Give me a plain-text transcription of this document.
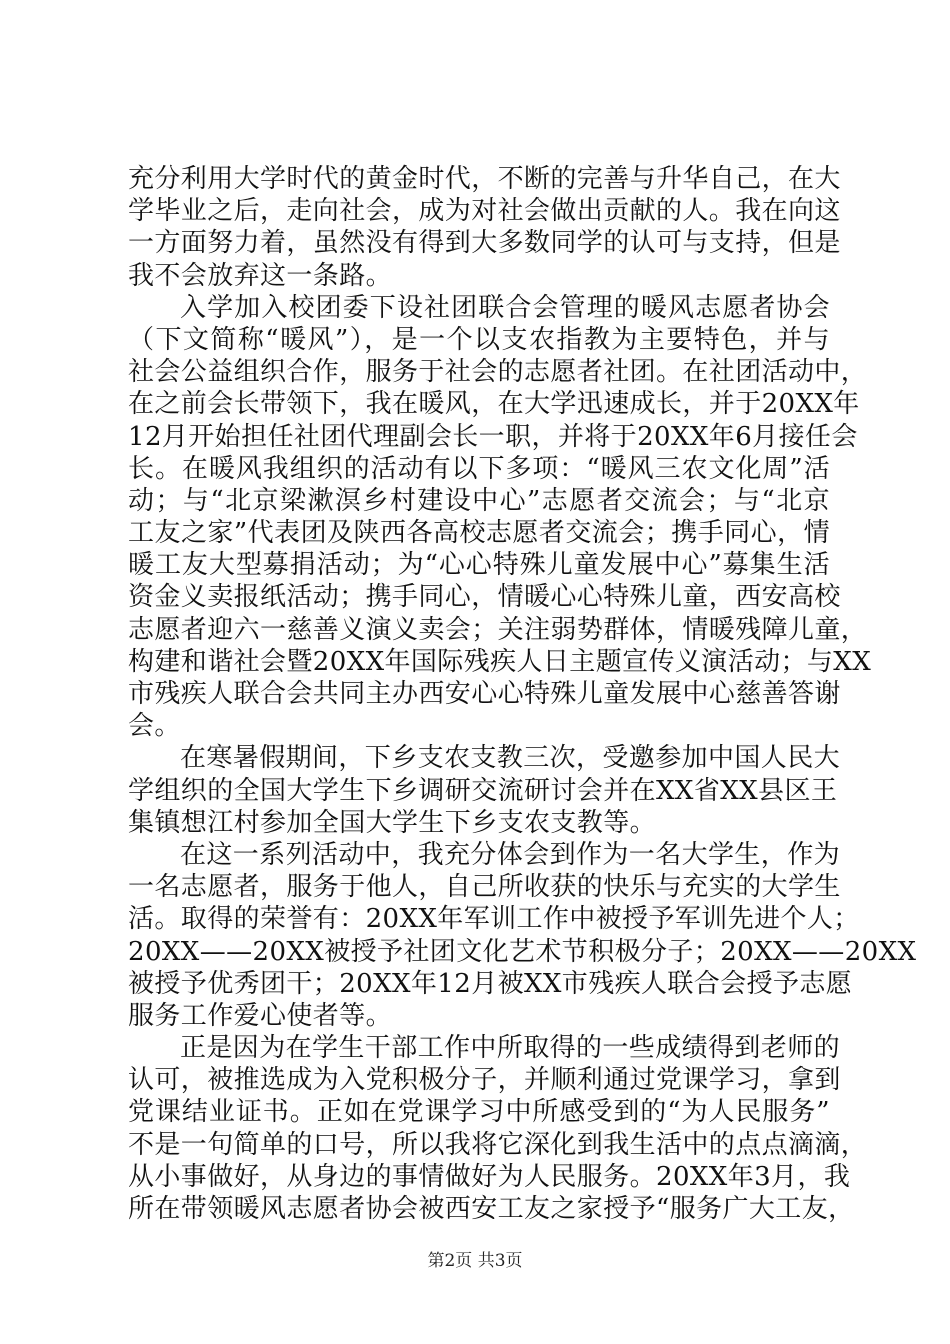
充分利用大学时代的黄金时代，不断的完善与升华自己，在大
学毕业之后，走向社会，成为对社会做出贡献的人。我在向这
一方面努力着，虽然没有得到大多数同学的认可与支持，但是
我不会放弃这一条路。
入学加入校团委下设社团联合会管理的暖风志愿者协会
（下文简称“暖风”），是一个以支农指教为主要特色，并与
社会公益组织合作，服务于社会的志愿者社团。在社团活动中，
在之前会长带领下，我在暖风，在大学迅速成长，并于20XX年
12月开始担任社团代理副会长一职，并将于20XX年6月接任会
长。在暖风我组织的活动有以下多项：“暖风三农文化周”活
动；与“北京梁漱溟乡村建设中心”志愿者交流会；与“北京
工友之家”代表团及陕西各高校志愿者交流会；携手同心，情
暖工友大型募捐活动；为“心心特殊儿童发展中心”募集生活
资金义卖报纸活动；携手同心，情暖心心特殊儿童，西安高校
志愿者迎六一慈善义演义卖会；关注弱势群体，情暖残障儿童，
构建和谐社会暨20XX年国际残疾人日主题宣传义演活动；与XX
市残疾人联合会共同主办西安心心特殊儿童发展中心慈善答谢
会。
在寒暑假期间，下乡支农支教三次，受邀参加中国人民大
学组织的全国大学生下乡调研交流研讨会并在XX省XX县区王
集镇想江村参加全国大学生下乡支农支教等。
在这一系列活动中，我充分体会到作为一名大学生，作为
一名志愿者，服务于他人，自己所收获的快乐与充实的大学生
活。取得的荣誉有：20XX年军训工作中被授予军训先进个人；
20XX——20XX被授予社团文化艺术节积极分子；20XX——20XX
被授予优秀团干；20XX年12月被XX市残疾人联合会授予志愿
服务工作爱心使者等。
正是因为在学生干部工作中所取得的一些成绩得到老师的
认可，被推选成为入党积极分子，并顺利通过党课学习，拿到
党课结业证书。正如在党课学习中所感受到的“为人民服务”
不是一句简单的口号，所以我将它深化到我生活中的点点滴滴，
从小事做好，从身边的事情做好为人民服务。20XX年3月，我
所在带领暖风志愿者协会被西安工友之家授予“服务广大工友，
第2页 共3页
